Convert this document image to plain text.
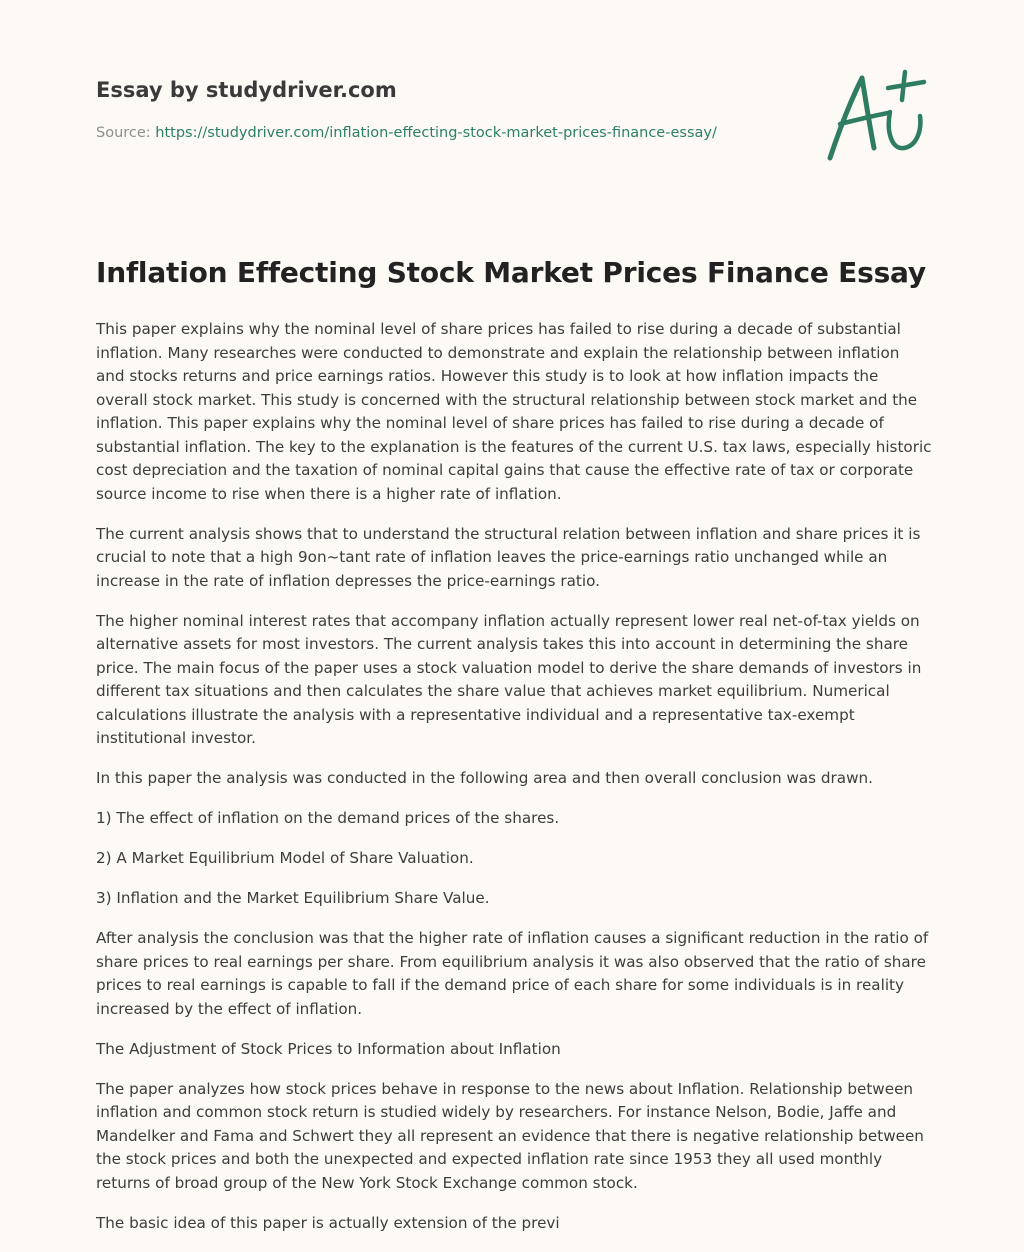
Essay by studydriver.com

Source: https://studydriver.com/inflation-effecting-stock-market-prices-finance-essay/

Inflation Effecting Stock Market Prices Finance Essay

This paper explains why the nominal level of share prices has failed to rise during a decade of substantial inflation. Many researches were conducted to demonstrate and explain the relationship between inflation and stocks returns and price earnings ratios. However this study is to look at how inflation impacts the overall stock market. This study is concerned with the structural relationship between stock market and the inflation. This paper explains why the nominal level of share prices has failed to rise during a decade of substantial inflation. The key to the explanation is the features of the current U.S. tax laws, especially historic cost depreciation and the taxation of nominal capital gains that cause the effective rate of tax or corporate source income to rise when there is a higher rate of inflation.

The current analysis shows that to understand the structural relation between inflation and share prices it is crucial to note that a high 9on~tant rate of inflation leaves the price-earnings ratio unchanged while an increase in the rate of inflation depresses the price-earnings ratio.

The higher nominal interest rates that accompany inflation actually represent lower real net-of-tax yields on alternative assets for most investors. The current analysis takes this into account in determining the share price. The main focus of the paper uses a stock valuation model to derive the share demands of investors in different tax situations and then calculates the share value that achieves market equilibrium. Numerical calculations illustrate the analysis with a representative individual and a representative tax-exempt institutional investor.

In this paper the analysis was conducted in the following area and then overall conclusion was drawn.

1) The effect of inflation on the demand prices of the shares.

2) A Market Equilibrium Model of Share Valuation.

3) Inflation and the Market Equilibrium Share Value.

After analysis the conclusion was that the higher rate of inflation causes a significant reduction in the ratio of share prices to real earnings per share. From equilibrium analysis it was also observed that the ratio of share prices to real earnings is capable to fall if the demand price of each share for some individuals is in reality increased by the effect of inflation.

The Adjustment of Stock Prices to Information about Inflation

The paper analyzes how stock prices behave in response to the news about Inflation. Relationship between inflation and common stock return is studied widely by researchers. For instance Nelson, Bodie, Jaffe and Mandelker and Fama and Schwert they all represent an evidence that there is negative relationship between the stock prices and both the unexpected and expected inflation rate since 1953 they all used monthly returns of broad group of the New York Stock Exchange common stock.

The basic idea of this paper is actually extension of the previ
